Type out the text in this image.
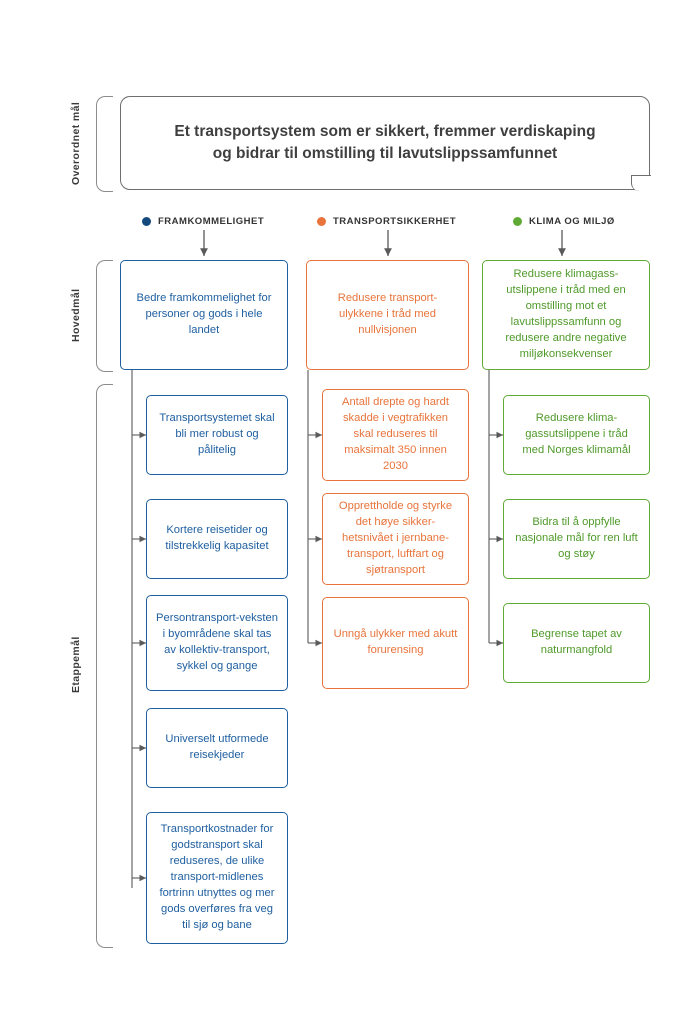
Overordnet mål
Hovedmål
Etappemål
Et transportsystem som er sikkert, fremmer verdiskaping
og bidrar til omstilling til lavutslippssamfunnet
FRAMKOMMELIGHET	TRANSPORTSIKKERHET	KLIMA OG MILJØ
Bedre framkommelighet for personer og gods i hele landet
Redusere transport-ulykkene i tråd med nullvisjonen
Redusere klimagass-utslippene i tråd med en omstilling mot et lavutslippssamfunn og redusere andre negative miljøkonsekvenser
Transportsystemet skal bli mer robust og pålitelig
Kortere reisetider og tilstrekkelig kapasitet
Persontransport-veksten i byområdene skal tas av kollektiv-transport, sykkel og gange
Universelt utformede reisekjeder
Transportkostnader for godstransport skal reduseres, de ulike transport-midlenes fortrinn utnyttes og mer gods overføres fra veg til sjø og bane
Antall drepte og hardt skadde i vegtrafikken skal reduseres til maksimalt 350 innen 2030
Opprettholde og styrke det høye sikker-hetsnivået i jernbane-transport, luftfart og sjøtransport
Unngå ulykker med akutt forurensing
Redusere klima-gassutslippene i tråd med Norges klimamål
Bidra til å oppfylle nasjonale mål for ren luft og støy
Begrense tapet av naturmangfold
